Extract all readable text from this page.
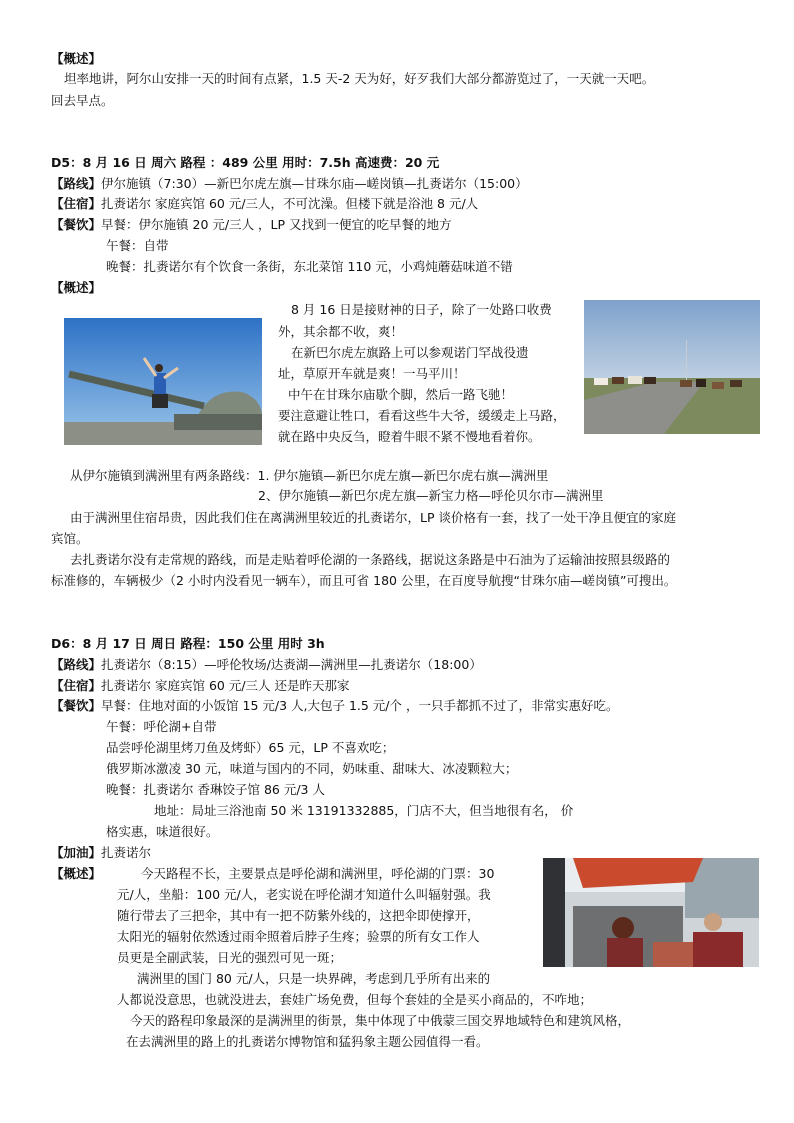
【概述】
坦率地讲，阿尔山安排一天的时间有点紧，1.5 天-2 天为好，好歹我们大部分都游览过了，一天就一天吧。
回去早点。
D5：8 月 16 日 周六 路程 ：489 公里 用时：7.5h 高速费：20 元
【路线】伊尔施镇（7:30）—新巴尔虎左旗—甘珠尔庙—嵯岗镇—扎赉诺尔（15:00）
【住宿】扎赉诺尔 家庭宾馆 60 元/三人，不可沈澡。但楼下就是浴池 8 元/人
【餐饮】早餐：伊尔施镇 20 元/三人 ，LP 又找到一便宜的吃早餐的地方
午餐：自带
晚餐：扎赉诺尔有个饮食一条街，东北菜馆 110 元，小鸡炖蘑菇味道不错
【概述】
8 月 16 日是接财神的日子，除了一处路口收费
外，其余都不收，爽！
在新巴尔虎左旗路上可以参观诺门罕战役遗
址，草原开车就是爽！一马平川！
中午在甘珠尔庙歇个脚，然后一路飞驰！
要注意避让牲口，看看这些牛大爷，缓缓走上马路，
就在路中央反刍，瞪着牛眼不紧不慢地看着你。
从伊尔施镇到满洲里有两条路线：1. 伊尔施镇—新巴尔虎左旗—新巴尔虎右旗—满洲里
2、伊尔施镇—新巴尔虎左旗—新宝力格—呼伦贝尔市—满洲里
由于满洲里住宿昂贵，因此我们住在离满洲里较近的扎赉诺尔，LP 谈价格有一套，找了一处干净且便宜的家庭
宾馆。
去扎赉诺尔没有走常规的路线，而是走贴着呼伦湖的一条路线，据说这条路是中石油为了运输油按照县级路的
标准修的，车辆极少（2 小时内没看见一辆车），而且可省 180 公里，在百度导航搜“甘珠尔庙—嵯岗镇”可搜出。
D6：8 月 17 日 周日 路程：150 公里 用时 3h
【路线】扎赉诺尔（8:15）—呼伦牧场/达赉湖—满洲里—扎赉诺尔（18:00）
【住宿】扎赉诺尔 家庭宾馆 60 元/三人 还是昨天那家
【餐饮】早餐：住地对面的小饭馆 15 元/3 人,大包子 1.5 元/个 ，一只手都抓不过了，非常实惠好吃。
午餐：呼伦湖+自带
品尝呼伦湖里烤刀鱼及烤虾）65 元，LP 不喜欢吃；
俄罗斯冰激凌 30 元，味道与国内的不同，奶味重、甜味大、冰凌颗粒大；
晚餐：扎赉诺尔 香琳饺子馆 86 元/3 人
地址：局址三浴池南 50 米 13191332885，门店不大，但当地很有名， 价
格实惠，味道很好。
【加油】扎赉诺尔
【概述】	今天路程不长，主要景点是呼伦湖和满洲里，呼伦湖的门票：30
元/人，坐船：100 元/人，老实说在呼伦湖才知道什么叫辐射强。我
随行带去了三把伞，其中有一把不防紫外线的，这把伞即使撑开，
太阳光的辐射依然透过雨伞照着后脖子生疼；验票的所有女工作人
员更是全副武装，日光的强烈可见一斑；
满洲里的国门 80 元/人，只是一块界碑，考虑到几乎所有出来的
人都说没意思，也就没进去，套娃广场免费，但每个套娃的全是买小商品的，不咋地；
今天的路程印象最深的是满洲里的街景，集中体现了中俄蒙三国交界地域特色和建筑风格，
在去满洲里的路上的扎赉诺尔博物馆和猛犸象主题公园值得一看。
